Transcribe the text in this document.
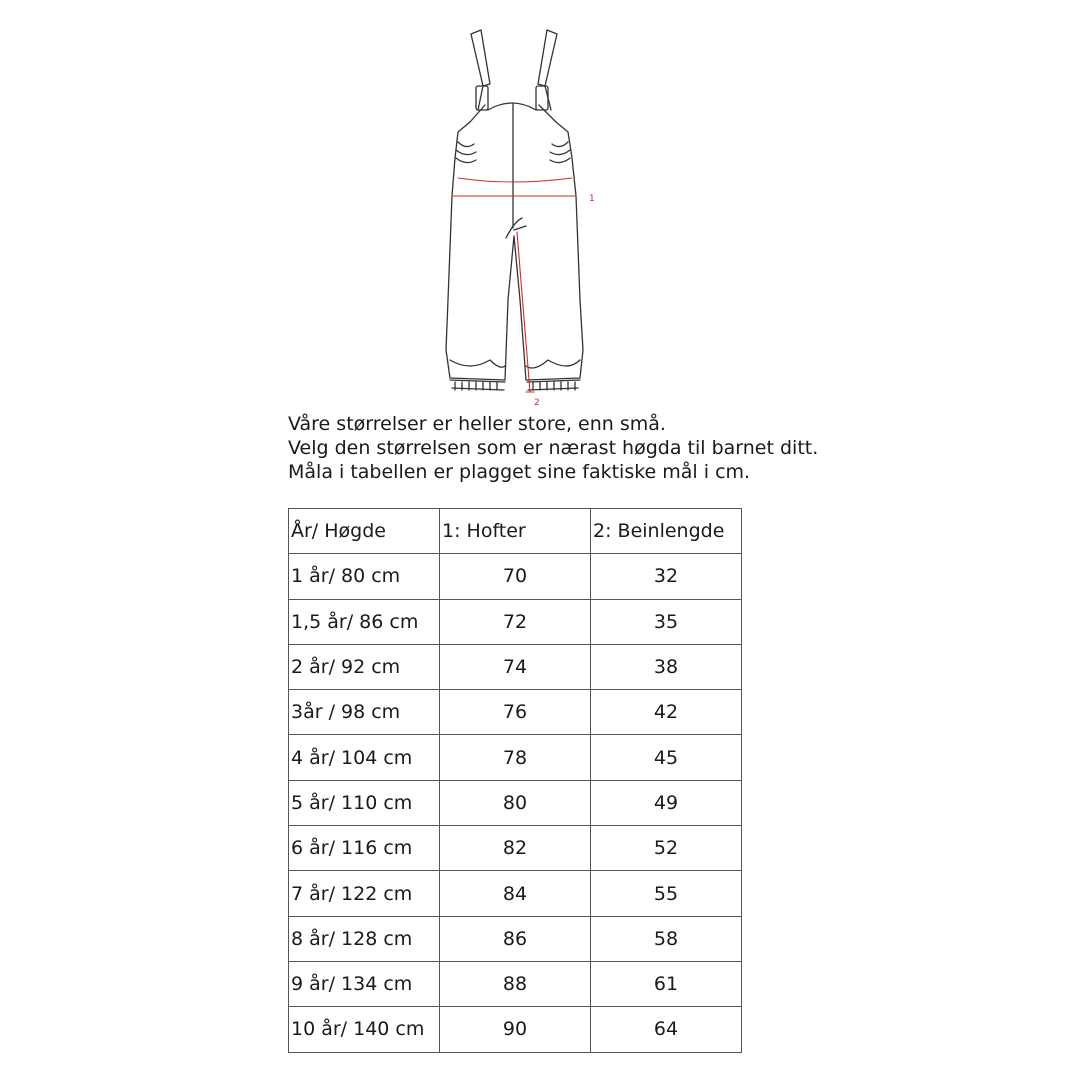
1
2
Våre størrelser er heller store, enn små.
Velg den størrelsen som er nærast høgda til barnet ditt.
Måla i tabellen er plagget sine faktiske mål i cm.
År/ Høgde	1: Hofter	2: Beinlengde
1 år/ 80 cm	70	32
1,5 år/ 86 cm	72	35
2 år/ 92 cm	74	38
3år / 98 cm	76	42
4 år/ 104 cm	78	45
5 år/ 110 cm	80	49
6 år/ 116 cm	82	52
7 år/ 122 cm	84	55
8 år/ 128 cm	86	58
9 år/ 134 cm	88	61
10 år/ 140 cm	90	64
